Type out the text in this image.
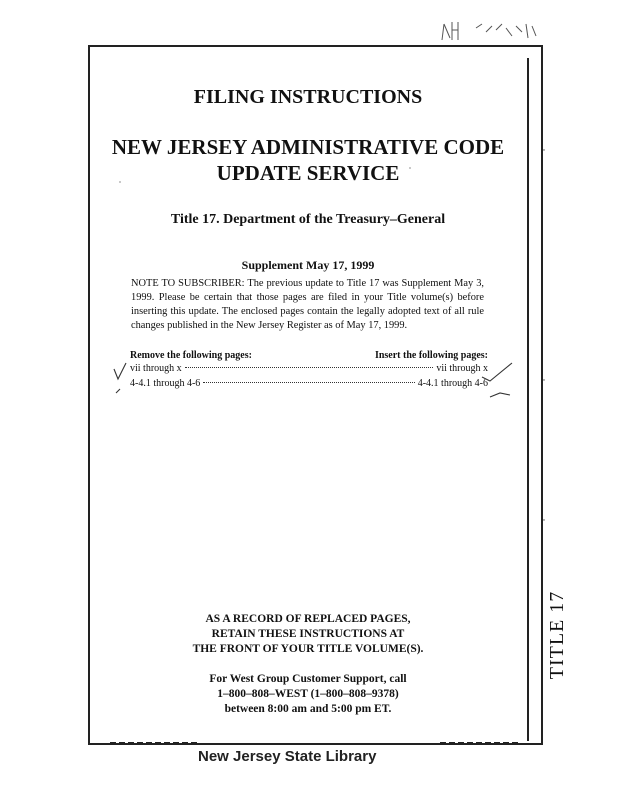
FILING INSTRUCTIONS
NEW JERSEY ADMINISTRATIVE CODE
UPDATE SERVICE
Title 17. Department of the Treasury–General
Supplement May 17, 1999
NOTE TO SUBSCRIBER: The previous update to Title 17 was Supplement May 3, 1999. Please be certain that those pages are filed in your Title volume(s) before inserting this update. The enclosed pages contain the legally adopted text of all rule changes published in the New Jersey Register as of May 17, 1999.
Remove the following pages:	Insert the following pages:
vii through x	vii through x
4-4.1 through 4-6	4-4.1 through 4-6
AS A RECORD OF REPLACED PAGES,
RETAIN THESE INSTRUCTIONS AT
THE FRONT OF YOUR TITLE VOLUME(S).
For West Group Customer Support, call
1–800–808–WEST (1–800–808–9378)
between 8:00 am and 5:00 pm ET.
TITLE 17
New Jersey State Library
